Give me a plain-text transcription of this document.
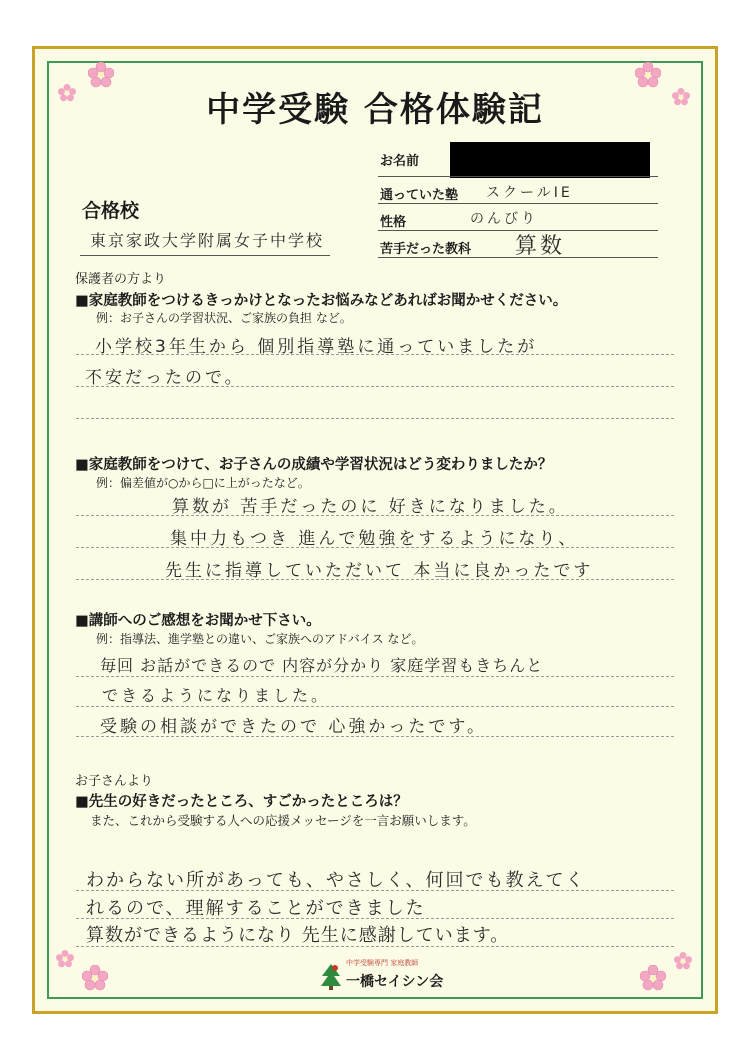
中学受験 合格体験記
お名前
通っていた塾 スクールIE
性格	のんびり
苦手だった教科 算数
合格校
東京家政大学附属女子中学校
保護者の方より
■家庭教師をつけるきっかけとなったお悩みなどあればお聞かせください。
例：お子さんの学習状況、ご家族の負担 など。
小学校3年生から 個別指導塾に通っていましたが
不安だったので。
■家庭教師をつけて、お子さんの成績や学習状況はどう変わりましたか？
例：偏差値が○から□に上がったなど。
算数が 苦手だったのに 好きになりました。
集中力もつき 進んで勉強をするようになり、
先生に指導していただいて 本当に良かったです
■講師へのご感想をお聞かせ下さい。
例：指導法、進学塾との違い、ご家族へのアドバイス など。
毎回 お話ができるので 内容が分かり 家庭学習もきちんと
できるようになりました。
受験の相談ができたので 心強かったです。
お子さんより
■先生の好きだったところ、すごかったところは？
また、これから受験する人への応援メッセージを一言お願いします。
わからない所があっても、やさしく、何回でも教えてく
れるので、理解することができました
算数ができるようになり 先生に感謝しています。
中学受験専門 家庭教師
一橋セイシン会
